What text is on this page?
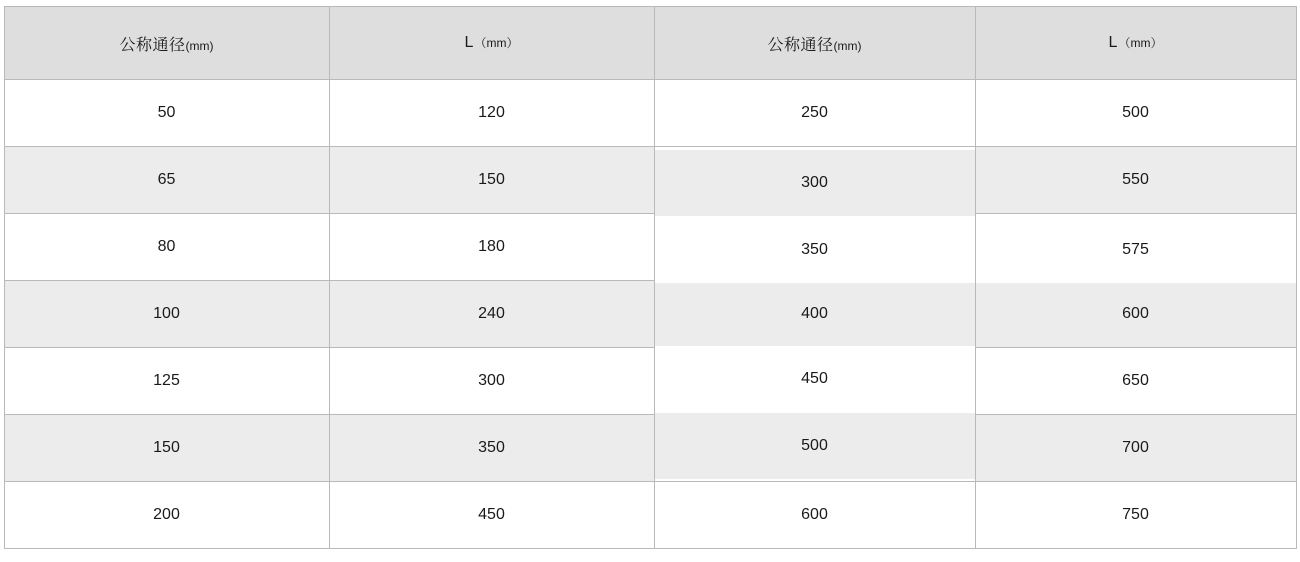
公称通径(mm)	L（mm）	公称通径(mm)	L（mm）
50	120	250	500
65	150	300	550
80	180	350	575
100	240	400	600
125	300	450	650
150	350	500	700
200	450	600	750
